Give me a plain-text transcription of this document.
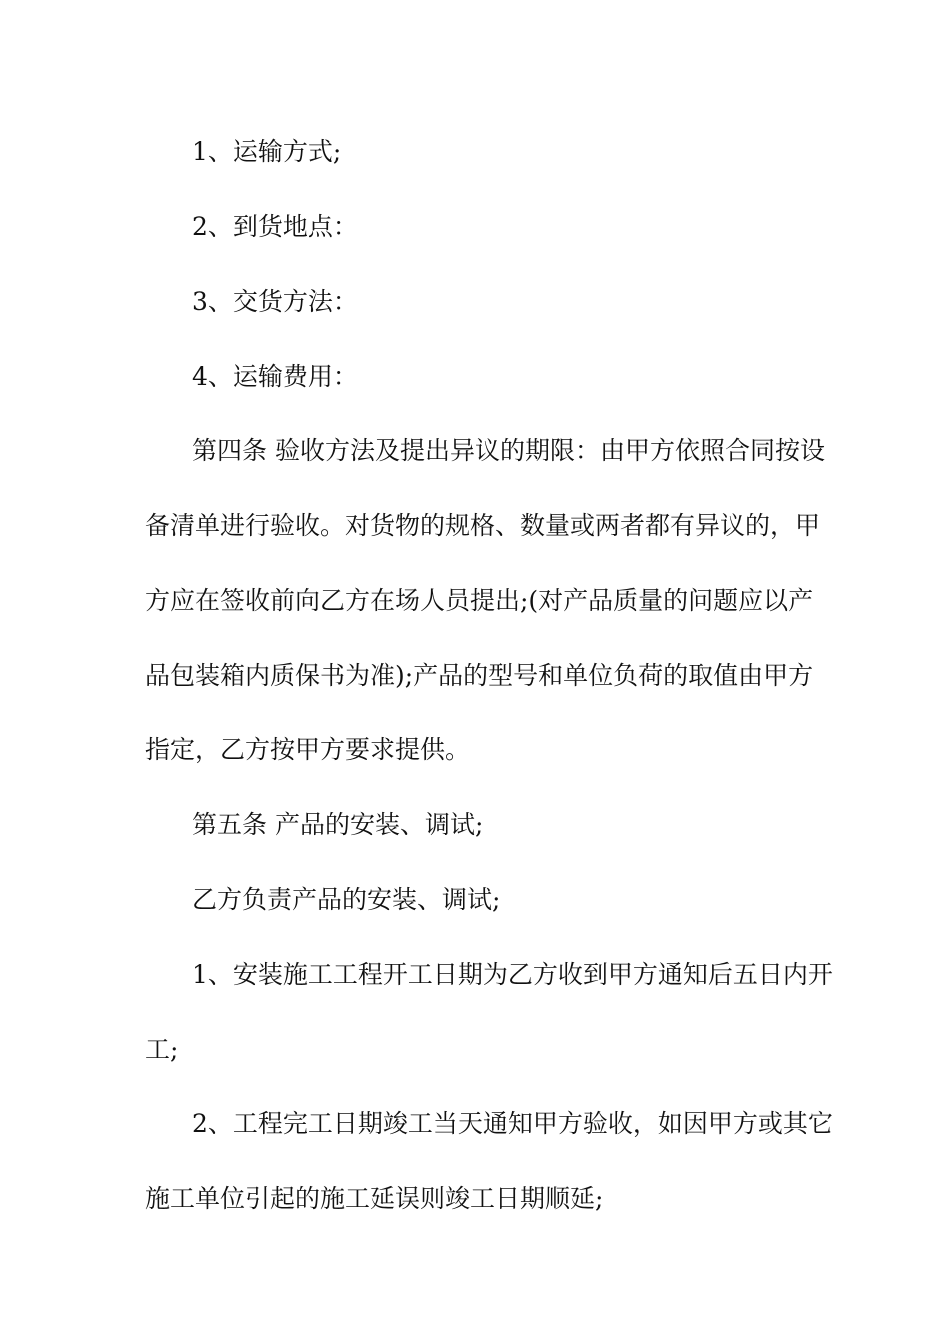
1、运输方式;
2、到货地点：
3、交货方法：
4、运输费用：
第四条 验收方法及提出异议的期限：由甲方依照合同按设
备清单进行验收。对货物的规格、数量或两者都有异议的，甲
方应在签收前向乙方在场人员提出;(对产品质量的问题应以产
品包装箱内质保书为准);产品的型号和单位负荷的取值由甲方
指定，乙方按甲方要求提供。
第五条 产品的安装、调试;
乙方负责产品的安装、调试;
1、安装施工工程开工日期为乙方收到甲方通知后五日内开
工;
2、工程完工日期竣工当天通知甲方验收，如因甲方或其它
施工单位引起的施工延误则竣工日期顺延;
